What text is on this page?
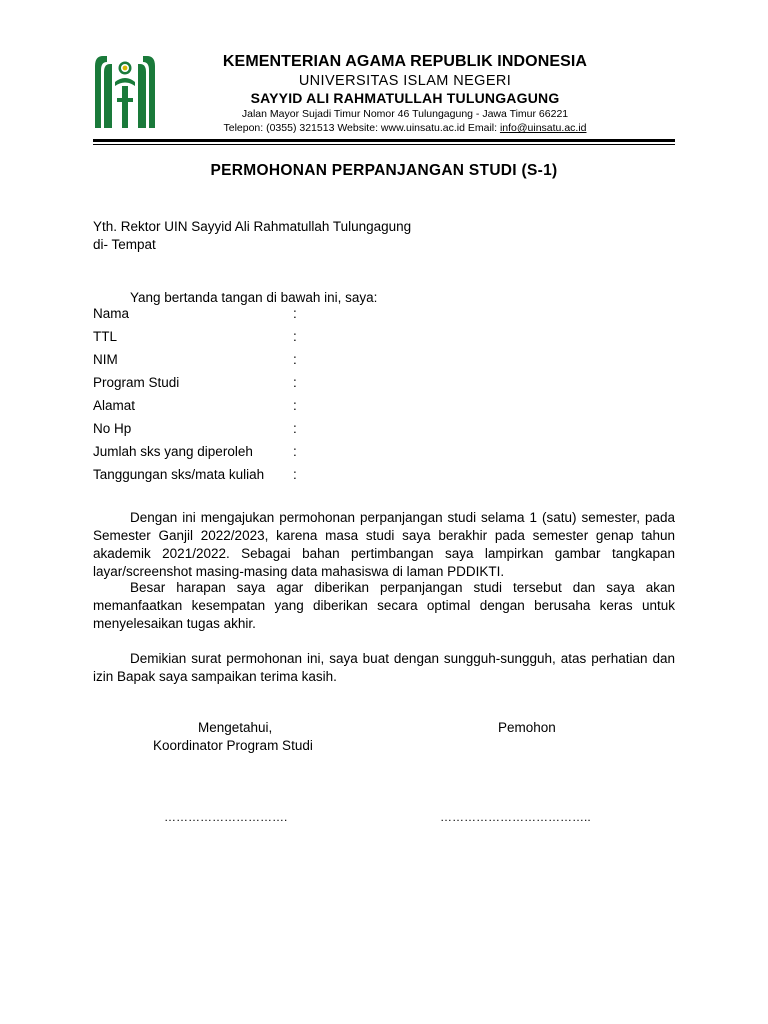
KEMENTERIAN AGAMA REPUBLIK INDONESIA
UNIVERSITAS ISLAM NEGERI
SAYYID ALI RAHMATULLAH TULUNGAGUNG
Jalan Mayor Sujadi Timur Nomor 46 Tulungagung - Jawa Timur 66221
Telepon: (0355) 321513 Website: www.uinsatu.ac.id Email: info@uinsatu.ac.id
PERMOHONAN PERPANJANGAN STUDI (S-1)
Yth. Rektor UIN Sayyid Ali Rahmatullah Tulungagung
di- Tempat
Yang bertanda tangan di bawah ini, saya:
Nama	:
TTL	:
NIM	:
Program Studi	:
Alamat	:
No Hp	:
Jumlah sks yang diperoleh	:
Tanggungan sks/mata kuliah :
Dengan ini mengajukan permohonan perpanjangan studi selama 1 (satu) semester, pada Semester Ganjil 2022/2023, karena masa studi saya berakhir pada semester genap tahun akademik 2021/2022. Sebagai bahan pertimbangan saya lampirkan gambar tangkapan layar/screenshot masing-masing data mahasiswa di laman PDDIKTI.
Besar harapan saya agar diberikan perpanjangan studi tersebut dan saya akan memanfaatkan kesempatan yang diberikan secara optimal dengan berusaha keras untuk menyelesaikan tugas akhir.
Demikian surat permohonan ini, saya buat dengan sungguh-sungguh, atas perhatian dan izin Bapak saya sampaikan terima kasih.
Mengetahui,
Koordinator Program Studi
Pemohon
………………………….	………………………………..
